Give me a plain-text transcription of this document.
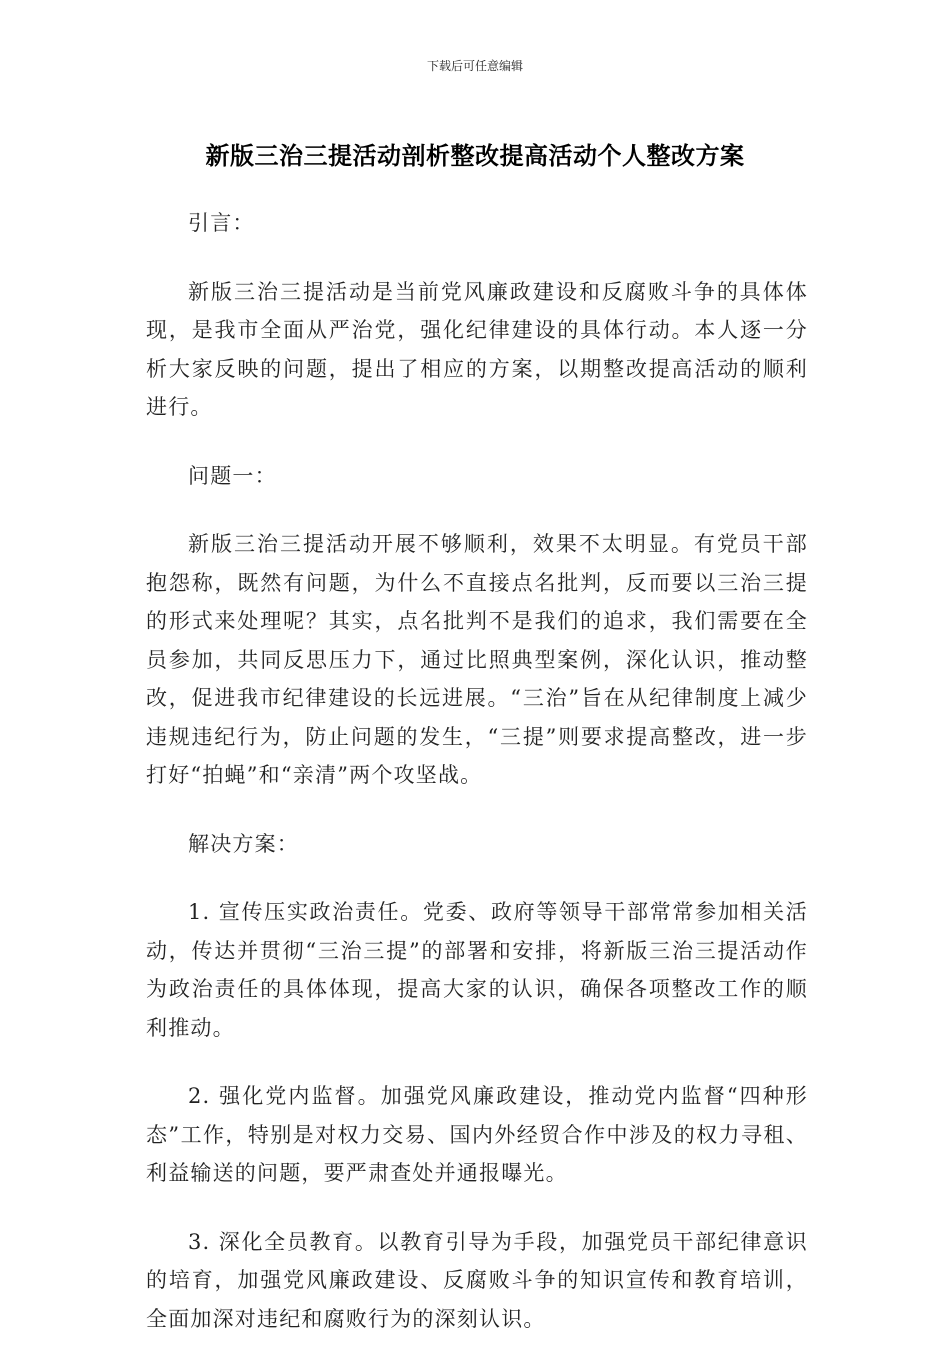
下载后可任意编辑
新版三治三提活动剖析整改提高活动个人整改方案

引言：

新版三治三提活动是当前党风廉政建设和反腐败斗争的具体体现，是我市全面从严治党，强化纪律建设的具体行动。本人逐一分析大家反映的问题，提出了相应的方案，以期整改提高活动的顺利进行。

问题一：

新版三治三提活动开展不够顺利，效果不太明显。有党员干部抱怨称，既然有问题，为什么不直接点名批判，反而要以三治三提的形式来处理呢？其实，点名批判不是我们的追求，我们需要在全员参加，共同反思压力下，通过比照典型案例，深化认识，推动整改，促进我市纪律建设的长远进展。“三治”旨在从纪律制度上减少违规违纪行为，防止问题的发生，“三提”则要求提高整改，进一步打好“拍蝇”和“亲清”两个攻坚战。

解决方案：

1. 宣传压实政治责任。党委、政府等领导干部常常参加相关活动，传达并贯彻“三治三提”的部署和安排，将新版三治三提活动作为政治责任的具体体现，提高大家的认识，确保各项整改工作的顺利推动。

2. 强化党内监督。加强党风廉政建设，推动党内监督“四种形态”工作，特别是对权力交易、国内外经贸合作中涉及的权力寻租、利益输送的问题，要严肃查处并通报曝光。

3. 深化全员教育。以教育引导为手段，加强党员干部纪律意识的培育，加强党风廉政建设、反腐败斗争的知识宣传和教育培训，全面加深对违纪和腐败行为的深刻认识。
